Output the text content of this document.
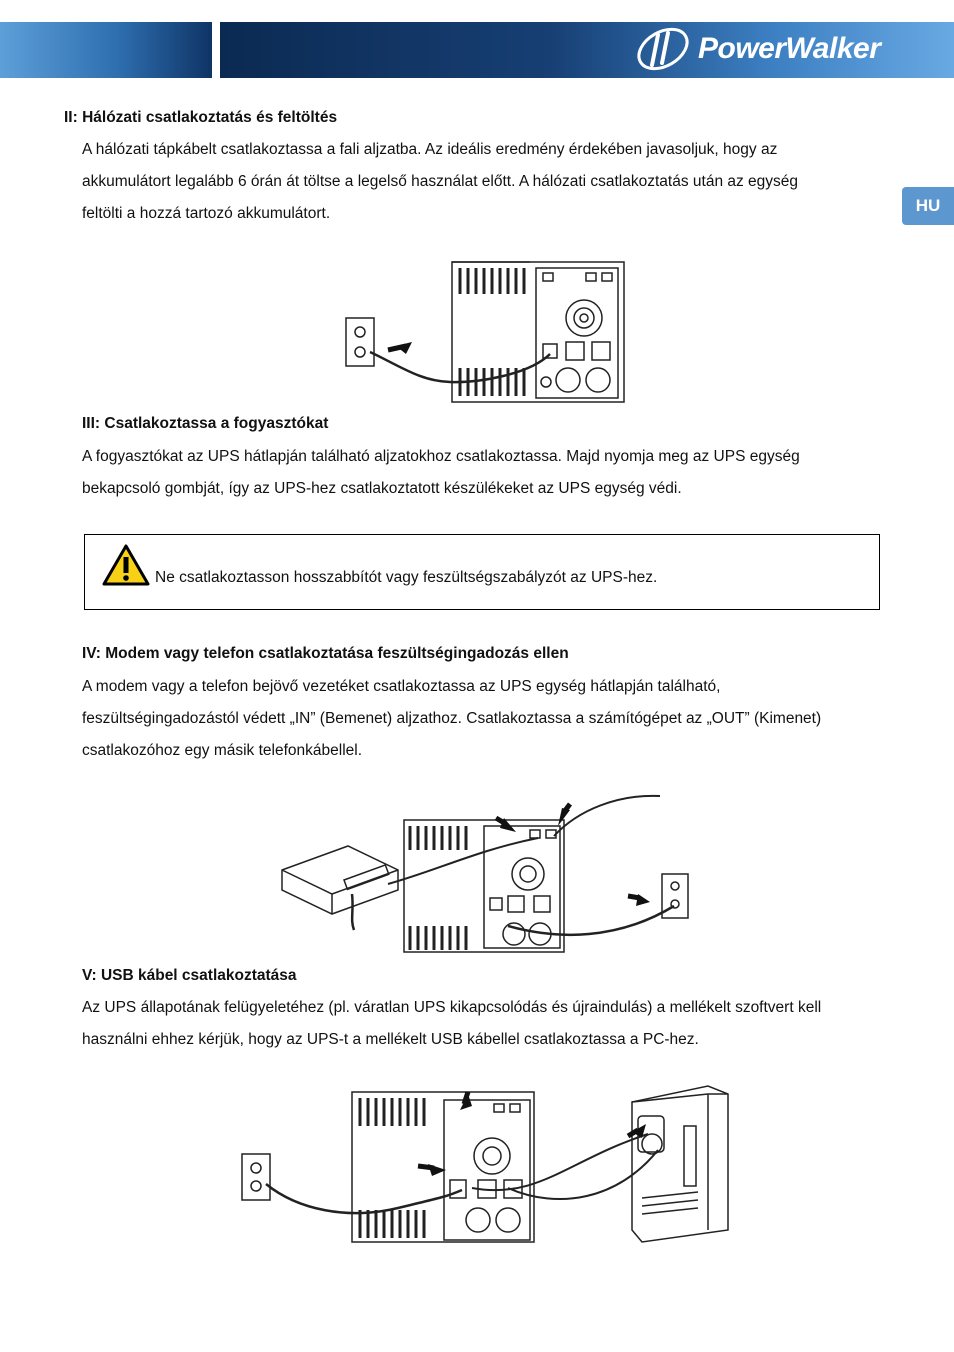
PowerWalker
HU
II: Hálózati csatlakoztatás és feltöltés
A hálózati tápkábelt csatlakoztassa a fali aljzatba. Az ideális eredmény érdekében javasoljuk, hogy az
akkumulátort legalább 6 órán át töltse a legelső használat előtt. A hálózati csatlakoztatás után az egység
feltölti a hozzá tartozó akkumulátort.
III: Csatlakoztassa a fogyasztókat
A fogyasztókat az UPS hátlapján található aljzatokhoz csatlakoztassa. Majd nyomja meg az UPS egység
bekapcsoló gombját, így az UPS-hez csatlakoztatott készülékeket az UPS egység védi.
Ne csatlakoztasson hosszabbítót vagy feszültségszabályzót az UPS-hez.
IV: Modem vagy telefon csatlakoztatása feszültségingadozás ellen
A modem vagy a telefon bejövő vezetéket csatlakoztassa az UPS egység hátlapján található,
feszültségingadozástól védett „IN” (Bemenet) aljzathoz. Csatlakoztassa a számítógépet az „OUT” (Kimenet)
csatlakozóhoz egy másik telefonkábellel.
V: USB kábel csatlakoztatása
Az UPS állapotának felügyeletéhez (pl. váratlan UPS kikapcsolódás és újraindulás) a mellékelt szoftvert kell
használni ehhez kérjük, hogy az UPS-t a mellékelt USB kábellel csatlakoztassa a PC-hez.
